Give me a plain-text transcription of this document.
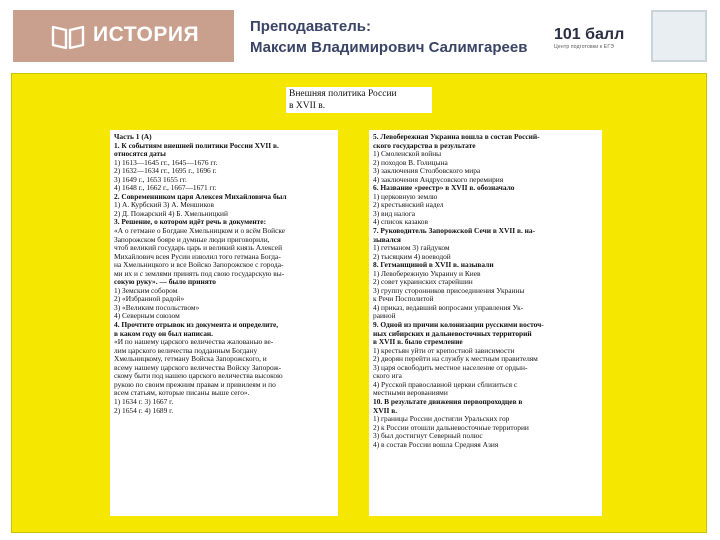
ИСТОРИЯ	Преподаватель:
Максим Владимирович Салимгареев
101 балл
Центр подготовки к ЕГЭ
Внешняя политика России
в XVII в.
Часть 1 (А)
1. К событиям внешней политики России XVII в.
относятся даты
1) 1613—1645 гг., 1645—1676 гг.
2) 1632—1634 гг., 1695 г., 1696 г.
3) 1649 г., 1653 1655 гг.
4) 1648 г., 1662 г., 1667—1671 гг.
2. Современником царя Алексея Михайловича был
1) А. Курбский 3) А. Меншиков
2) Д. Пожарский 4) Б. Хмельницкий
3. Решение, о котором идёт речь в документе:
«А о гетмане о Богдане Хмельницком и о всём Войске
Запорожском бояре и думные люди приговорили,
чтоб великий государь царь и великий князь Алексей
Михайлович всея Русии изволил того гетмана Богда-
на Хмельницкого и все Войско Запорожское с города-
ми их и с землями принять под свою государскую вы-
сокую руку». — было принято
1) Земским собором
2) «Избранной радой»
3) «Великим посольством»
4) Северным союзом
4. Прочтите отрывок из документа и определите,
в каком году он был написан.
«И по нашему царского величества жалованью ве-
лим царского величества подданным Богдану
Хмельницкому, гетману Войска Запорожского, и
всему нашему царского величества Войску Запорож-
скому быти под нашею царского величества высокою
рукою по своим прежним правам и привилеям и по
всем статьям, которые писаны выше сего».
1) 1634 г. 3) 1667 г.
2) 1654 г. 4) 1689 г.
5. Левобережная Украина вошла в состав Россий-
ского государства в результате
1) Смоленской войны
2) походов В. Голицына
3) заключения Столбовского мира
4) заключения Андрусовского перемирия
6. Название «реестр» в XVII в. обозначало
1) церковную землю
2) крестьянский надел
3) вид налога
4) список казаков
7. Руководитель Запорожской Сечи в XVII в. на-
зывался
1) гетманом 3) гайдуком
2) тысяцким 4) воеводой
8. Гетманщиной в XVII в. называли
1) Левобережную Украину и Киев
2) совет украинских старейшин
3) группу сторонников присоединения Украины
к Речи Посполитой
4) приказ, ведавший вопросами управления Ук-
раиной
9. Одной из причин колонизации русскими восточ-
ных сибирских и дальневосточных территорий
в XVII в. было стремление
1) крестьян уйти от крепостной зависимости
2) дворян перейти на службу к местным правителям
3) царя освободить местное население от ордын-
ского ига
4) Русской православной церкви сблизиться с
местными верованиями
10. В результате движения первопроходцев в
XVII в.
1) границы России достигли Уральских гор
2) к России отошли дальневосточные территории
3) был достигнут Северный полюс
4) в состав России вошла Средняя Азия
